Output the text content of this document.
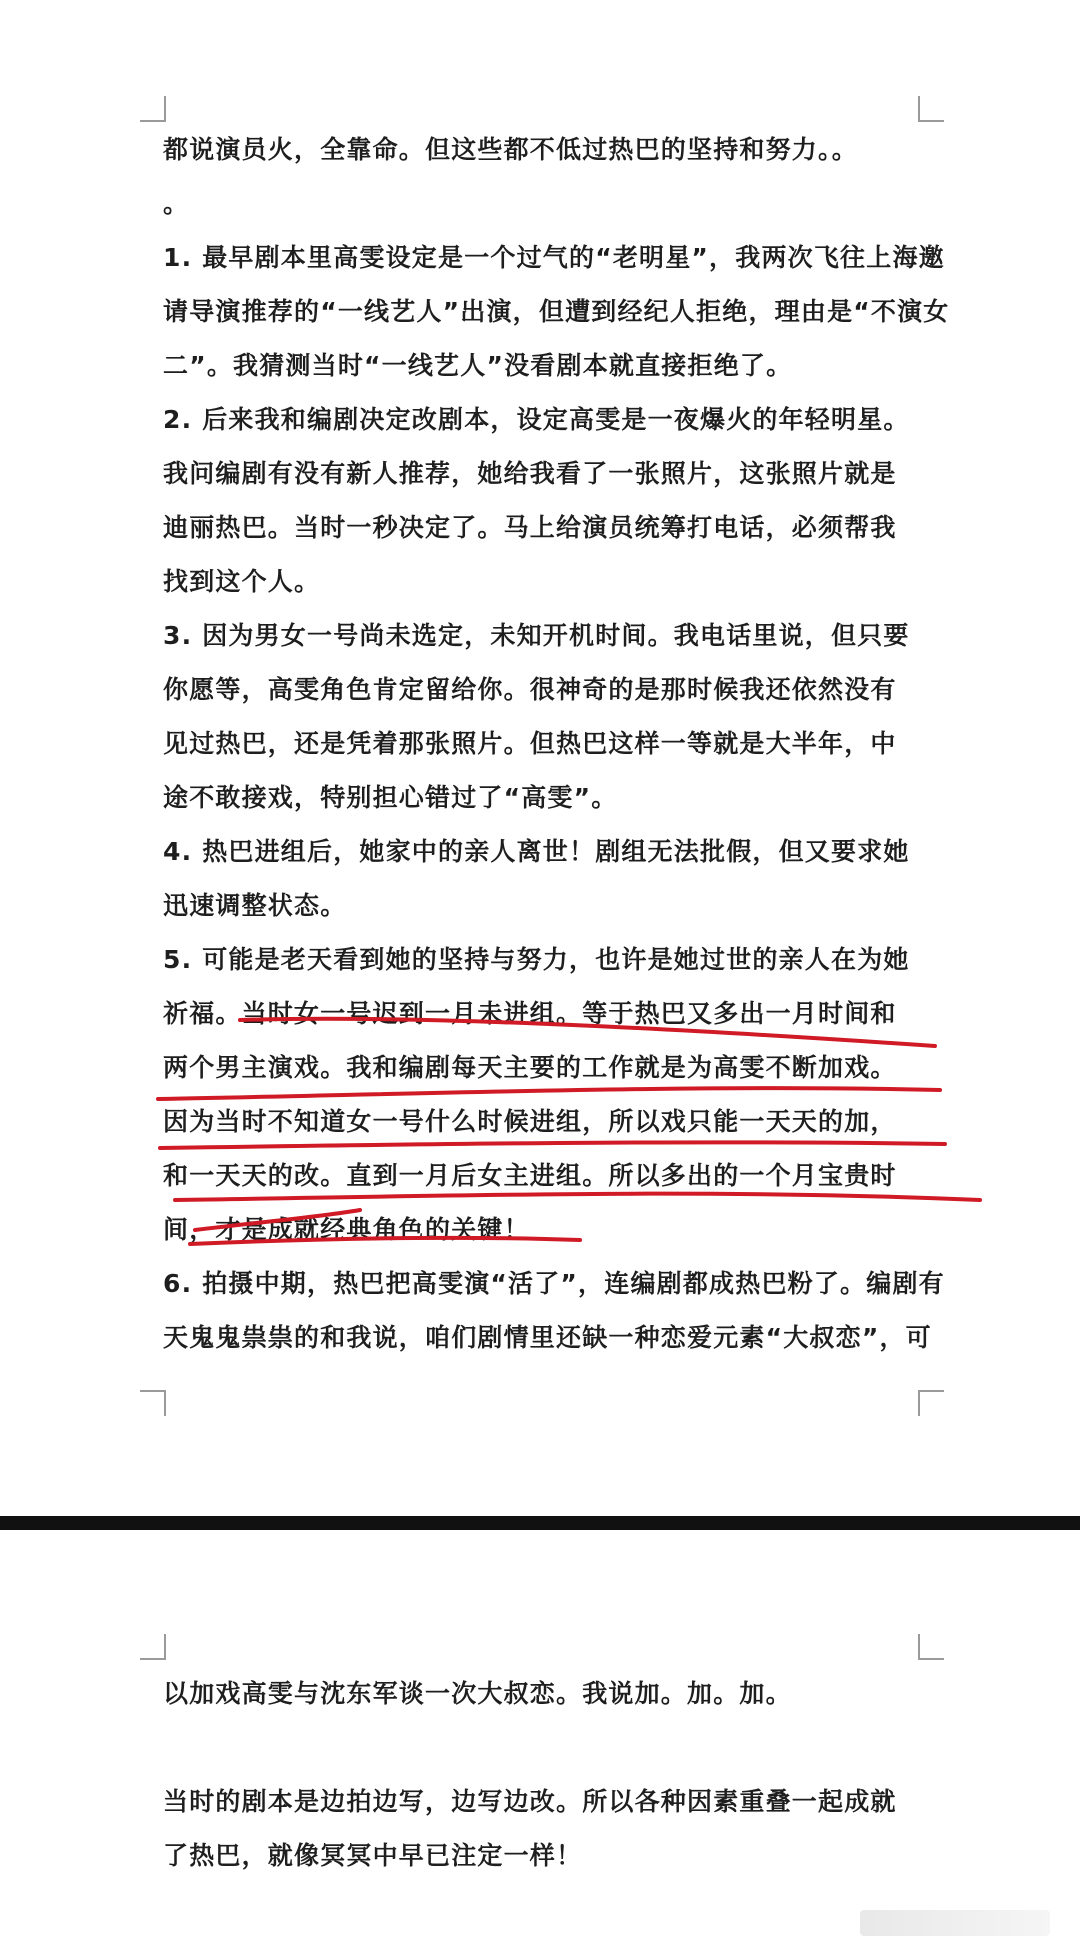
都说演员火，全靠命。但这些都不低过热巴的坚持和努力。。
。
1. 最早剧本里高雯设定是一个过气的“老明星”，我两次飞往上海邀
请导演推荐的“一线艺人”出演，但遭到经纪人拒绝，理由是“不演女
二”。我猜测当时“一线艺人”没看剧本就直接拒绝了。
2. 后来我和编剧决定改剧本，设定高雯是一夜爆火的年轻明星。
我问编剧有没有新人推荐，她给我看了一张照片，这张照片就是
迪丽热巴。当时一秒决定了。马上给演员统筹打电话，必须帮我
找到这个人。
3. 因为男女一号尚未选定，未知开机时间。我电话里说，但只要
你愿等，高雯角色肯定留给你。很神奇的是那时候我还依然没有
见过热巴，还是凭着那张照片。但热巴这样一等就是大半年，中
途不敢接戏，特别担心错过了“高雯”。
4. 热巴进组后，她家中的亲人离世！剧组无法批假，但又要求她
迅速调整状态。
5. 可能是老天看到她的坚持与努力，也许是她过世的亲人在为她
祈福。当时女一号迟到一月未进组。等于热巴又多出一月时间和
两个男主演戏。我和编剧每天主要的工作就是为高雯不断加戏。
因为当时不知道女一号什么时候进组，所以戏只能一天天的加，
和一天天的改。直到一月后女主进组。所以多出的一个月宝贵时
间，才是成就经典角色的关键！
6. 拍摄中期，热巴把高雯演“活了”，连编剧都成热巴粉了。编剧有
天鬼鬼祟祟的和我说，咱们剧情里还缺一种恋爱元素“大叔恋”，可
以加戏高雯与沈东军谈一次大叔恋。我说加。加。加。
当时的剧本是边拍边写，边写边改。所以各种因素重叠一起成就
了热巴，就像冥冥中早已注定一样！
